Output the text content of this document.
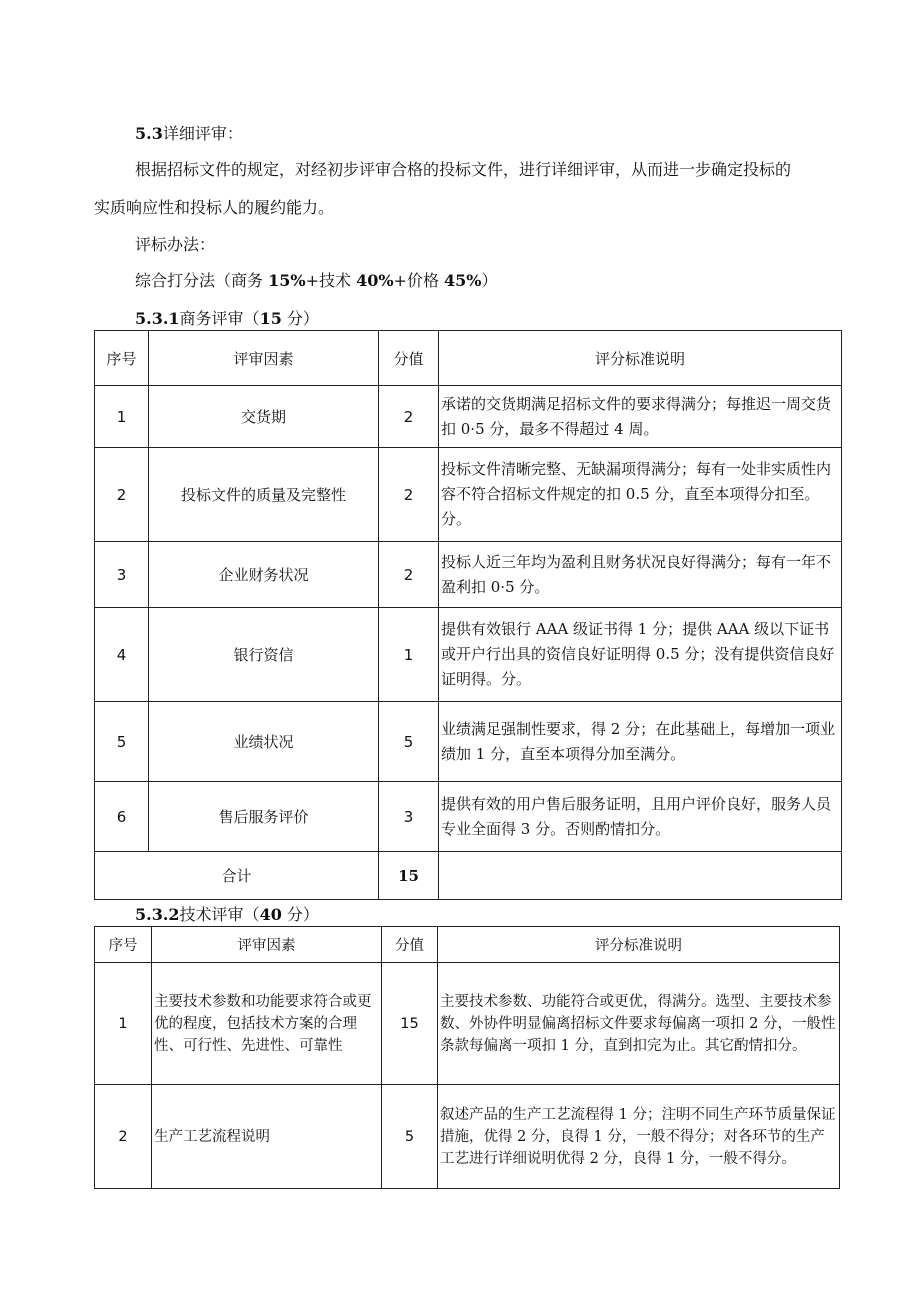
5.3详细评审：
根据招标文件的规定，对经初步评审合格的投标文件，进行详细评审，从而进一步确定投标的
实质响应性和投标人的履约能力。
评标办法：
综合打分法（商务 15%+技术 40%+价格 45%）
5.3.1商务评审（15 分）
序号	评审因素	分值	评分标准说明
1	交货期	2	承诺的交货期满足招标文件的要求得满分；每推迟一周交货扣 0·5 分，最多不得超过 4 周。
2	投标文件的质量及完整性	2	投标文件清晰完整、无缺漏项得满分；每有一处非实质性内容不符合招标文件规定的扣 0.5 分，直至本项得分扣至。分。
3	企业财务状况	2	投标人近三年均为盈利且财务状况良好得满分；每有一年不盈利扣 0·5 分。
4	银行资信	1	提供有效银行 AAA 级证书得 1 分；提供 AAA 级以下证书或开户行出具的资信良好证明得 0.5 分；没有提供资信良好证明得。分。
5	业绩状况	5	业绩满足强制性要求，得 2 分；在此基础上，每增加一项业绩加 1 分，直至本项得分加至满分。
6	售后服务评价	3	提供有效的用户售后服务证明，且用户评价良好，服务人员专业全面得 3 分。否则酌情扣分。
合计		15	
5.3.2技术评审（40 分）
序号	评审因素	分值	评分标准说明
1	主要技术参数和功能要求符合或更优的程度，包括技术方案的合理性、可行性、先进性、可靠性	15	主要技术参数、功能符合或更优，得满分。选型、主要技术参数、外协件明显偏离招标文件要求每偏离一项扣 2 分，一般性条款每偏离一项扣 1 分，直到扣完为止。其它酌情扣分。
2	生产工艺流程说明	5	叙述产品的生产工艺流程得 1 分；注明不同生产环节质量保证措施，优得 2 分，良得 1 分，一般不得分；对各环节的生产工艺进行详细说明优得 2 分，良得 1 分，一般不得分。
